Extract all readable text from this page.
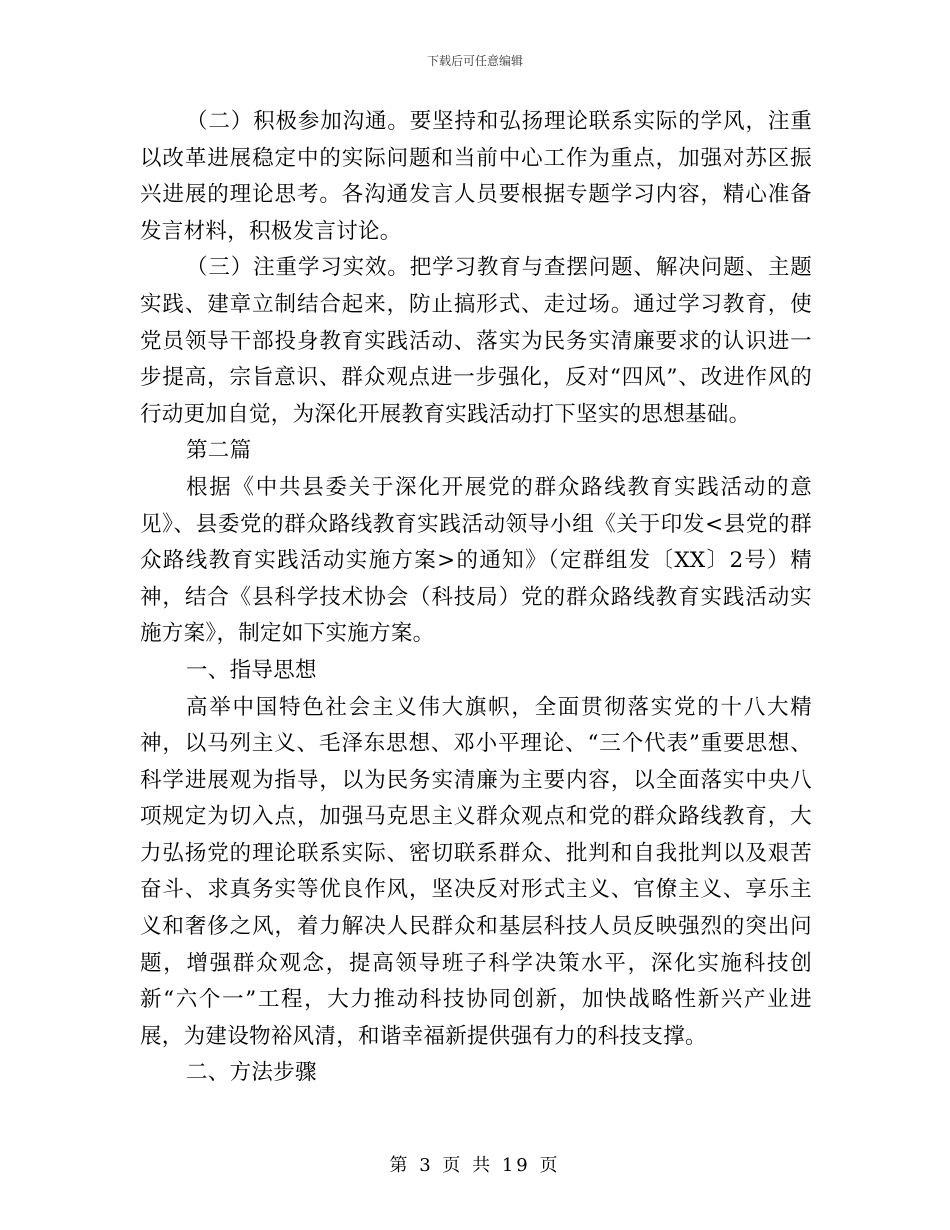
下载后可任意编辑

（二）积极参加沟通。要坚持和弘扬理论联系实际的学风，注重以改革进展稳定中的实际问题和当前中心工作为重点，加强对苏区振兴进展的理论思考。各沟通发言人员要根据专题学习内容，精心准备发言材料，积极发言讨论。

（三）注重学习实效。把学习教育与查摆问题、解决问题、主题实践、建章立制结合起来，防止搞形式、走过场。通过学习教育，使党员领导干部投身教育实践活动、落实为民务实清廉要求的认识进一步提高，宗旨意识、群众观点进一步强化，反对“四风”、改进作风的行动更加自觉，为深化开展教育实践活动打下坚实的思想基础。

第二篇

根据《中共县委关于深化开展党的群众路线教育实践活动的意见》、县委党的群众路线教育实践活动领导小组《关于印发<县党的群众路线教育实践活动实施方案>的通知》（定群组发〔XX〕2号）精神，结合《县科学技术协会（科技局）党的群众路线教育实践活动实施方案》，制定如下实施方案。

一、指导思想

高举中国特色社会主义伟大旗帜，全面贯彻落实党的十八大精神，以马列主义、毛泽东思想、邓小平理论、“三个代表”重要思想、科学进展观为指导，以为民务实清廉为主要内容，以全面落实中央八项规定为切入点，加强马克思主义群众观点和党的群众路线教育，大力弘扬党的理论联系实际、密切联系群众、批判和自我批判以及艰苦奋斗、求真务实等优良作风，坚决反对形式主义、官僚主义、享乐主义和奢侈之风，着力解决人民群众和基层科技人员反映强烈的突出问题，增强群众观念，提高领导班子科学决策水平，深化实施科技创新“六个一”工程，大力推动科技协同创新，加快战略性新兴产业进展，为建设物裕风清，和谐幸福新提供强有力的科技支撑。

二、方法步骤

第 3 页 共 19 页
